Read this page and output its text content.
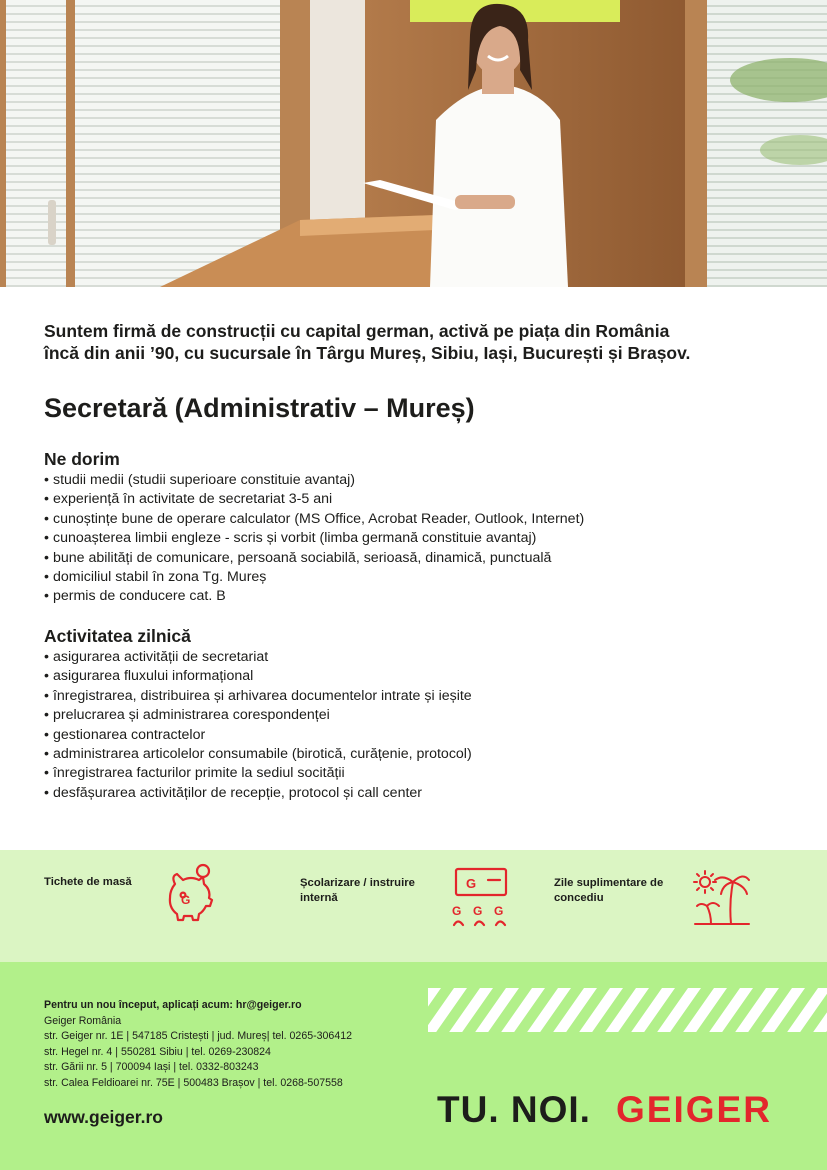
Suntem firmă de construcții cu capital german, activă pe piața din România
încă din anii ’90, cu sucursale în Târgu Mureș, Sibiu, Iași, București și Brașov.
Secretară (Administrativ – Mureș)
Ne dorim
• studii medii (studii superioare constituie avantaj)
• experiență în activitate de secretariat 3-5 ani
• cunoștințe bune de operare calculator (MS Office, Acrobat Reader, Outlook, Internet)
• cunoașterea limbii engleze - scris și vorbit (limba germană constituie avantaj)
• bune abilități de comunicare, persoană sociabilă, serioasă, dinamică, punctuală
• domiciliul stabil în zona Tg. Mureș
• permis de conducere cat. B
Activitatea zilnică
• asigurarea activității de secretariat
• asigurarea fluxului informațional
• înregistrarea, distribuirea și arhivarea documentelor intrate și ieșite
• prelucrarea și administrarea corespondenței
• gestionarea contractelor
• administrarea articolelor consumabile (birotică, curățenie, protocol)
• înregistrarea facturilor primite la sediul socității
• desfășurarea activităților de recepție, protocol și call center
Tichete de masă
G
Școlarizare / instruire internă
G
G G G
Zile suplimentare de concediu
Pentru un nou început, aplicați acum: hr@geiger.ro
Geiger România
str. Geiger nr. 1E | 547185 Cristești | jud. Mureș| tel. 0265-306412
str. Hegel nr. 4 | 550281 Sibiu | tel. 0269-230824
str. Gării nr. 5 | 700094 Iași | tel. 0332-803243
str. Calea Feldioarei nr. 75E | 500483 Brașov | tel. 0268-507558
www.geiger.ro	TU. NOI. GEIGER
